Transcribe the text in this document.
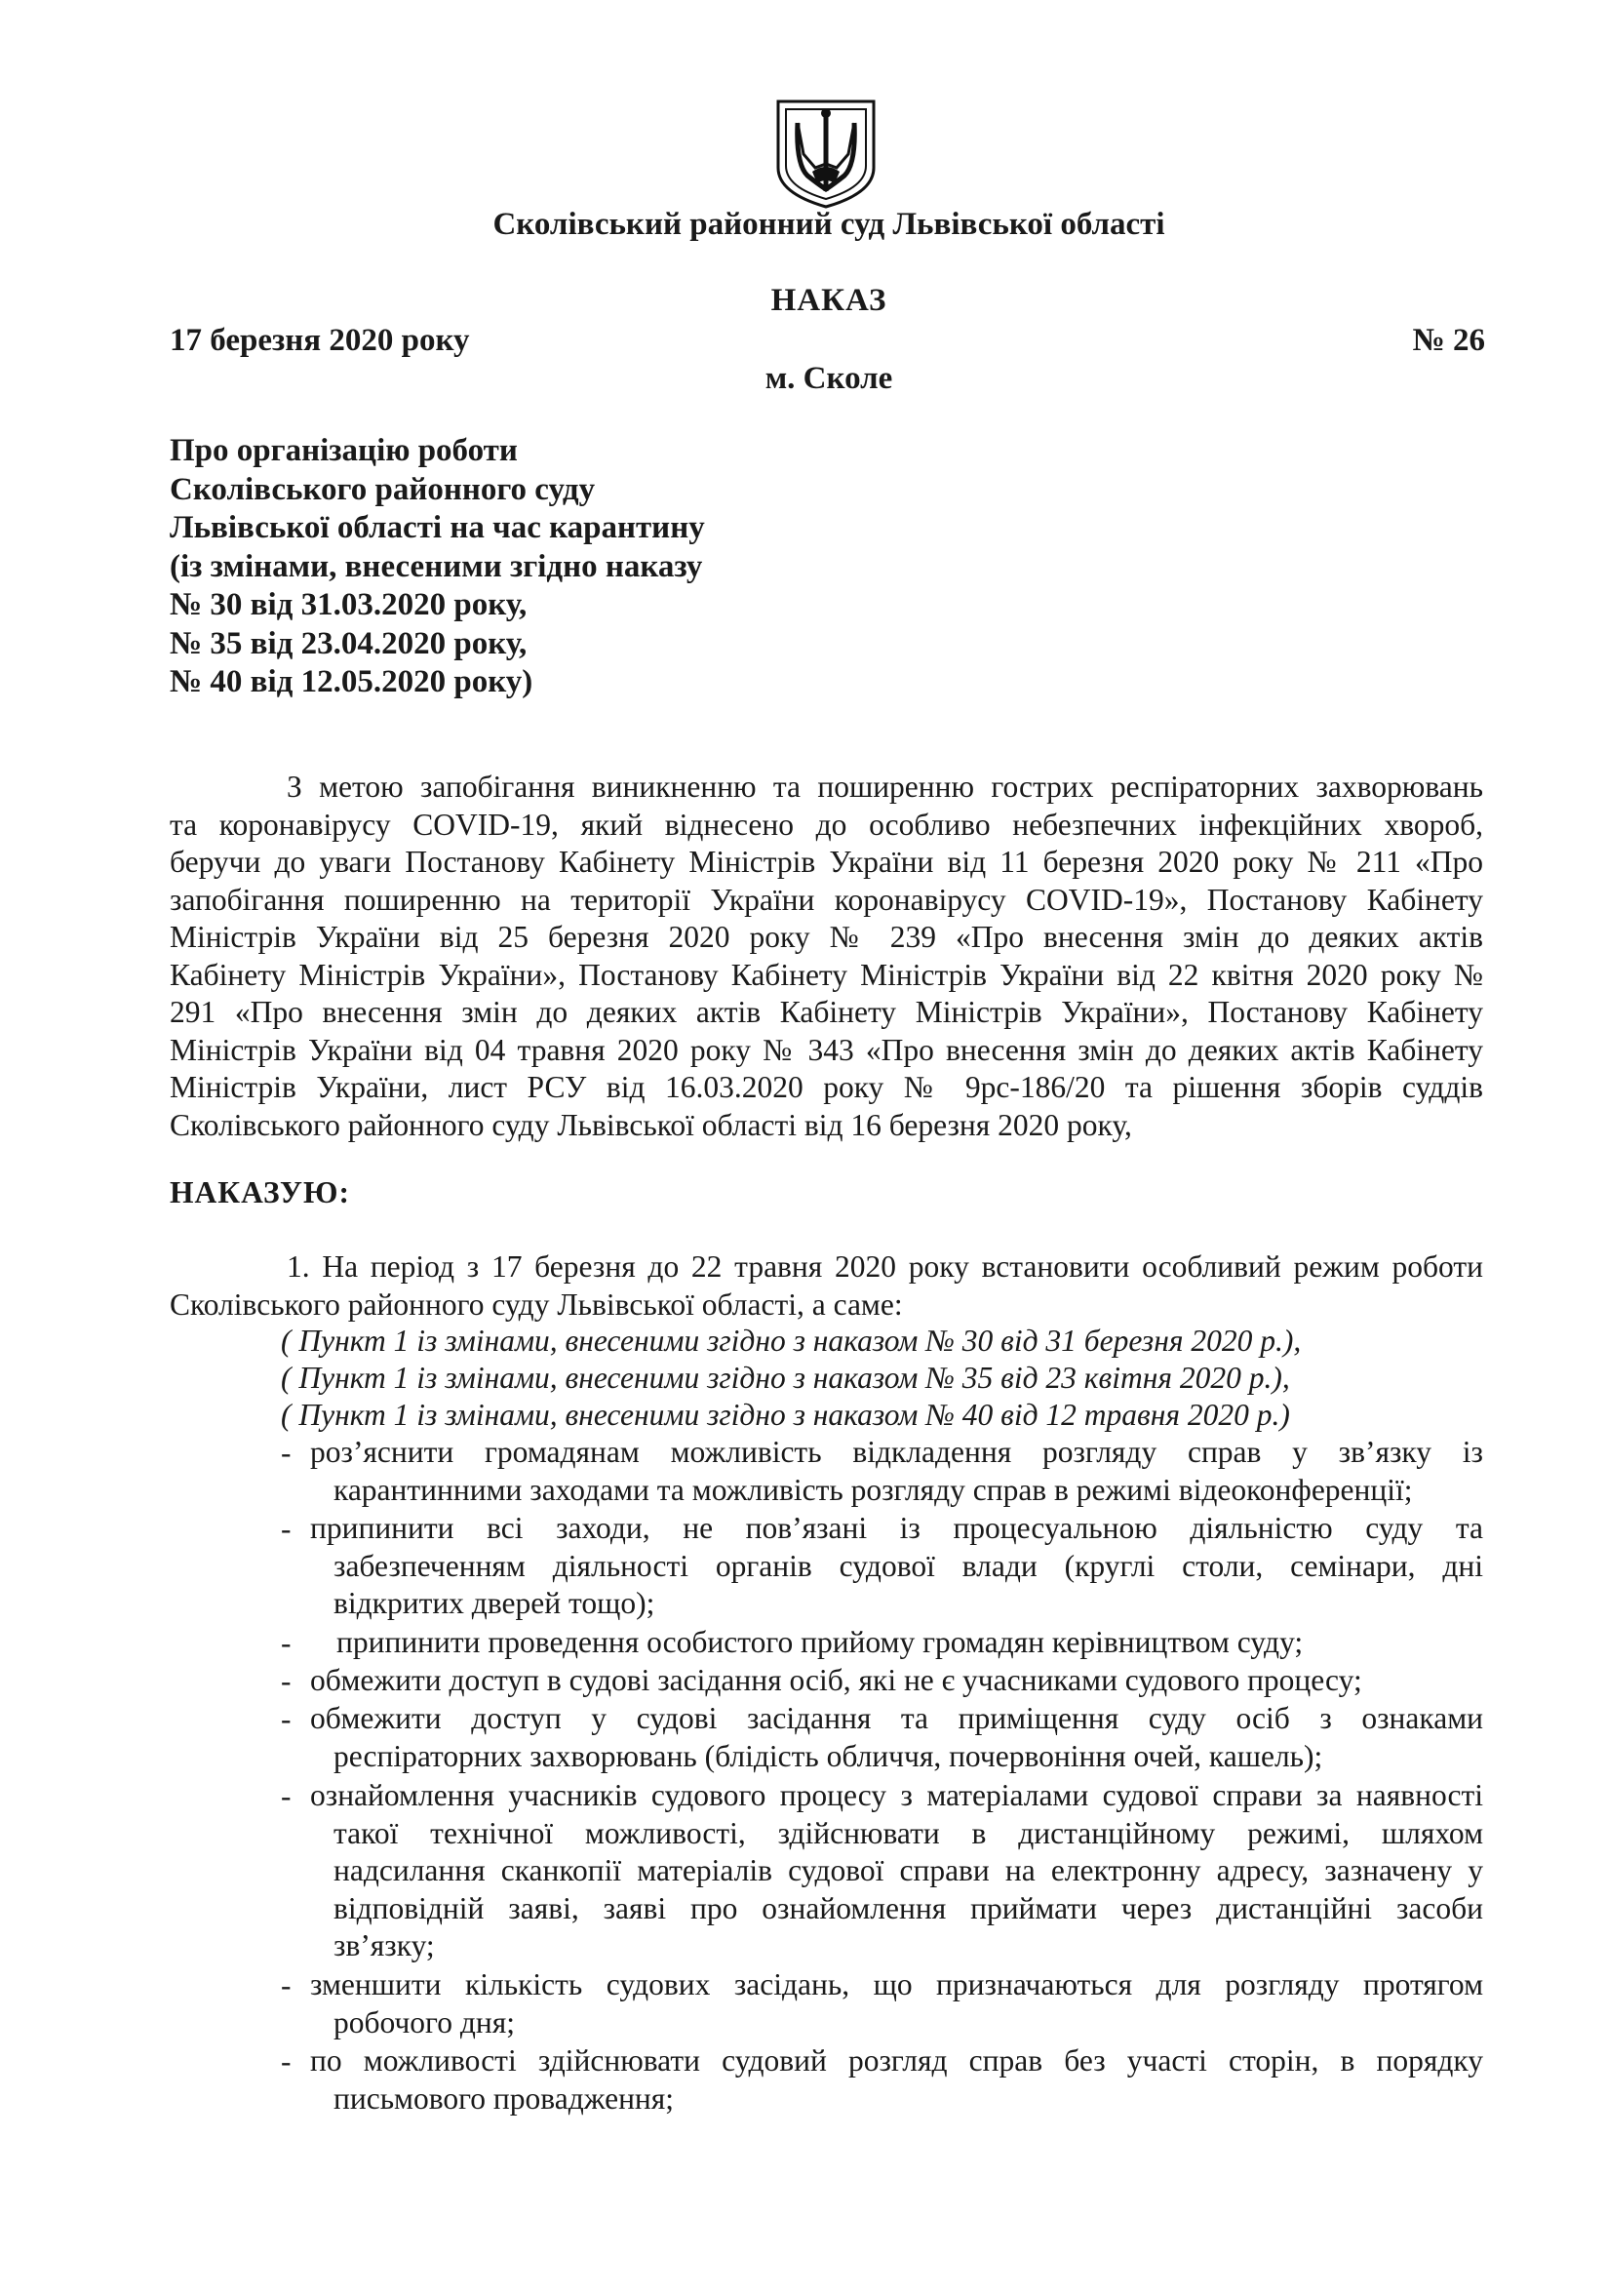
Сколівський районний суд Львівської області
НАКАЗ
17 березня 2020 року	№ 26
м. Сколе
Про організацію роботи
Сколівського районного суду
Львівської області на час карантину
(із змінами, внесеними згідно наказу
№ 30 від 31.03.2020 року,
№ 35 від 23.04.2020 року,
№ 40 від 12.05.2020 року)
З метою запобігання виникненню та поширенню гострих респіраторних захворювань
та коронавірусу COVID-19, який віднесено до особливо небезпечних інфекційних хвороб,
беручи до уваги Постанову Кабінету Міністрів України від 11 березня 2020 року № 211 «Про
запобігання поширенню на території України коронавірусу COVID-19», Постанову Кабінету
Міністрів України від 25 березня 2020 року № 239 «Про внесення змін до деяких актів
Кабінету Міністрів України», Постанову Кабінету Міністрів України від 22 квітня 2020 року №
291 «Про внесення змін до деяких актів Кабінету Міністрів України», Постанову Кабінету
Міністрів України від 04 травня 2020 року № 343 «Про внесення змін до деяких актів Кабінету
Міністрів України, лист РСУ від 16.03.2020 року № 9рс-186/20 та рішення зборів суддів
Сколівського районного суду Львівської області від 16 березня 2020 року,
НАКАЗУЮ:
1. На період з 17 березня до 22 травня 2020 року встановити особливий режим роботи
Сколівського районного суду Львівської області, а саме:
( Пункт 1 із змінами, внесеними згідно з наказом № 30 від 31 березня 2020 р.),
( Пункт 1 із змінами, внесеними згідно з наказом № 35 від 23 квітня 2020 р.),
( Пункт 1 із змінами, внесеними згідно з наказом № 40 від 12 травня 2020 р.)
- роз’яснити громадянам можливість відкладення розгляду справ у зв’язку із
карантинними заходами та можливість розгляду справ в режимі відеоконференції;
- припинити всі заходи, не пов’язані із процесуальною діяльністю суду та
забезпеченням діяльності органів судової влади (круглі столи, семінари, дні
відкритих дверей тощо);
- припинити проведення особистого прийому громадян керівництвом суду;
- обмежити доступ в судові засідання осіб, які не є учасниками судового процесу;
- обмежити доступ у судові засідання та приміщення суду осіб з ознаками
респіраторних захворювань (блідість обличчя, почервоніння очей, кашель);
- ознайомлення учасників судового процесу з матеріалами судової справи за наявності
такої технічної можливості, здійснювати в дистанційному режимі, шляхом
надсилання сканкопії матеріалів судової справи на електронну адресу, зазначену у
відповідній заяві, заяві про ознайомлення приймати через дистанційні засоби
зв’язку;
- зменшити кількість судових засідань, що призначаються для розгляду протягом
робочого дня;
- по можливості здійснювати судовий розгляд справ без участі сторін, в порядку
письмового провадження;
